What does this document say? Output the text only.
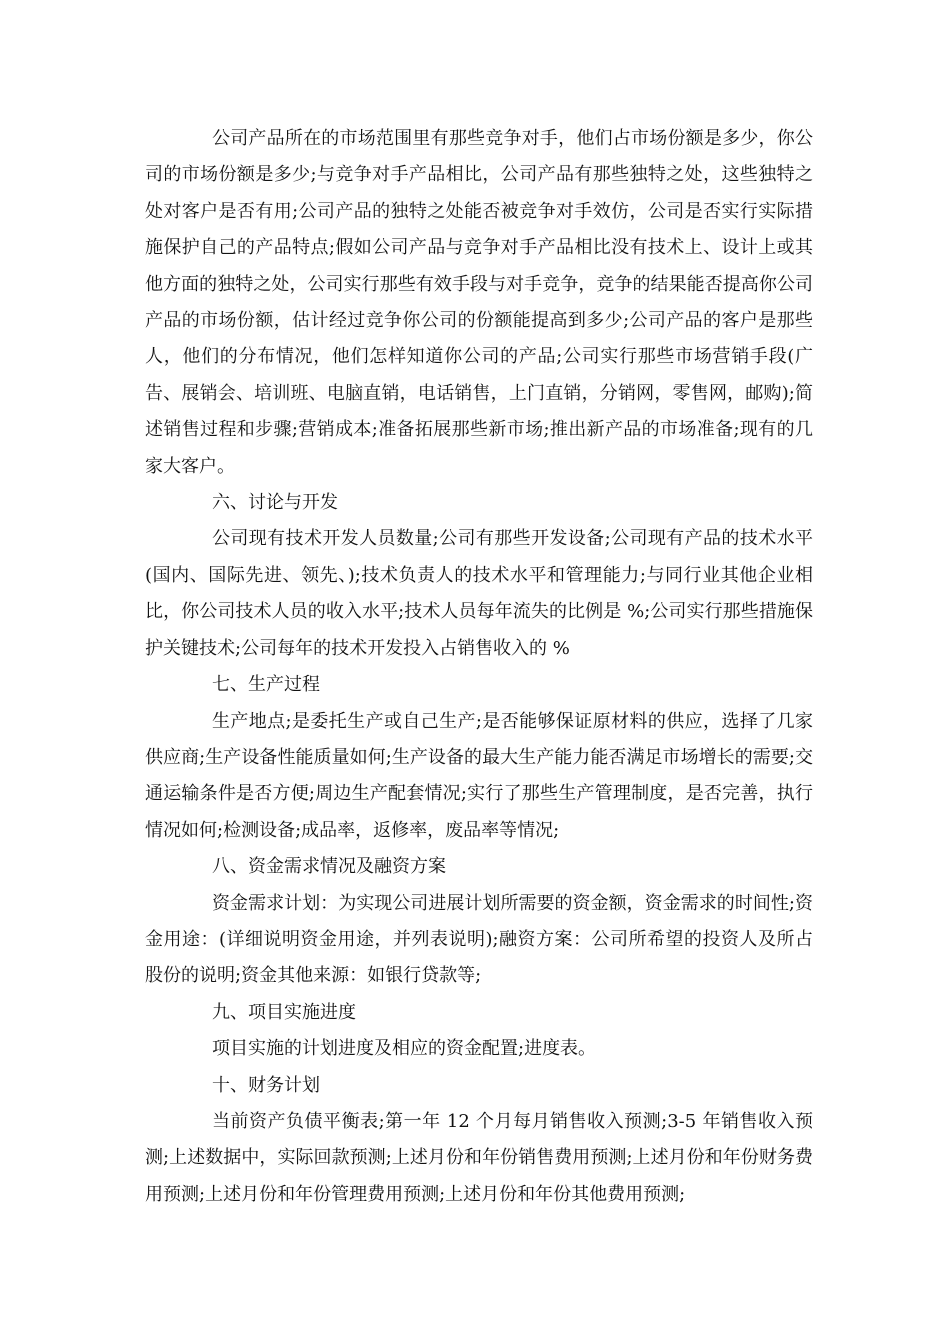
公司产品所在的市场范围里有那些竞争对手，他们占市场份额是多少，你公司的市场份额是多少;与竞争对手产品相比，公司产品有那些独特之处，这些独特之处对客户是否有用;公司产品的独特之处能否被竞争对手效仿，公司是否实行实际措施保护自己的产品特点;假如公司产品与竞争对手产品相比没有技术上、设计上或其他方面的独特之处，公司实行那些有效手段与对手竞争，竞争的结果能否提高你公司产品的市场份额，估计经过竞争你公司的份额能提高到多少;公司产品的客户是那些人，他们的分布情况，他们怎样知道你公司的产品;公司实行那些市场营销手段(广告、展销会、培训班、电脑直销，电话销售，上门直销，分销网，零售网，邮购);简述销售过程和步骤;营销成本;准备拓展那些新市场;推出新产品的市场准备;现有的几家大客户。

六、讨论与开发

公司现有技术开发人员数量;公司有那些开发设备;公司现有产品的技术水平(国内、国际先进、领先、);技术负责人的技术水平和管理能力;与同行业其他企业相比，你公司技术人员的收入水平;技术人员每年流失的比例是 %;公司实行那些措施保护关键技术;公司每年的技术开发投入占销售收入的 %

七、生产过程

生产地点;是委托生产或自己生产;是否能够保证原材料的供应，选择了几家供应商;生产设备性能质量如何;生产设备的最大生产能力能否满足市场增长的需要;交通运输条件是否方便;周边生产配套情况;实行了那些生产管理制度，是否完善，执行情况如何;检测设备;成品率，返修率，废品率等情况;

八、资金需求情况及融资方案

资金需求计划：为实现公司进展计划所需要的资金额，资金需求的时间性;资金用途：(详细说明资金用途，并列表说明);融资方案：公司所希望的投资人及所占股份的说明;资金其他来源：如银行贷款等;

九、项目实施进度

项目实施的计划进度及相应的资金配置;进度表。

十、财务计划

当前资产负债平衡表;第一年 12 个月每月销售收入预测;3-5 年销售收入预测;上述数据中，实际回款预测;上述月份和年份销售费用预测;上述月份和年份财务费用预测;上述月份和年份管理费用预测;上述月份和年份其他费用预测;
